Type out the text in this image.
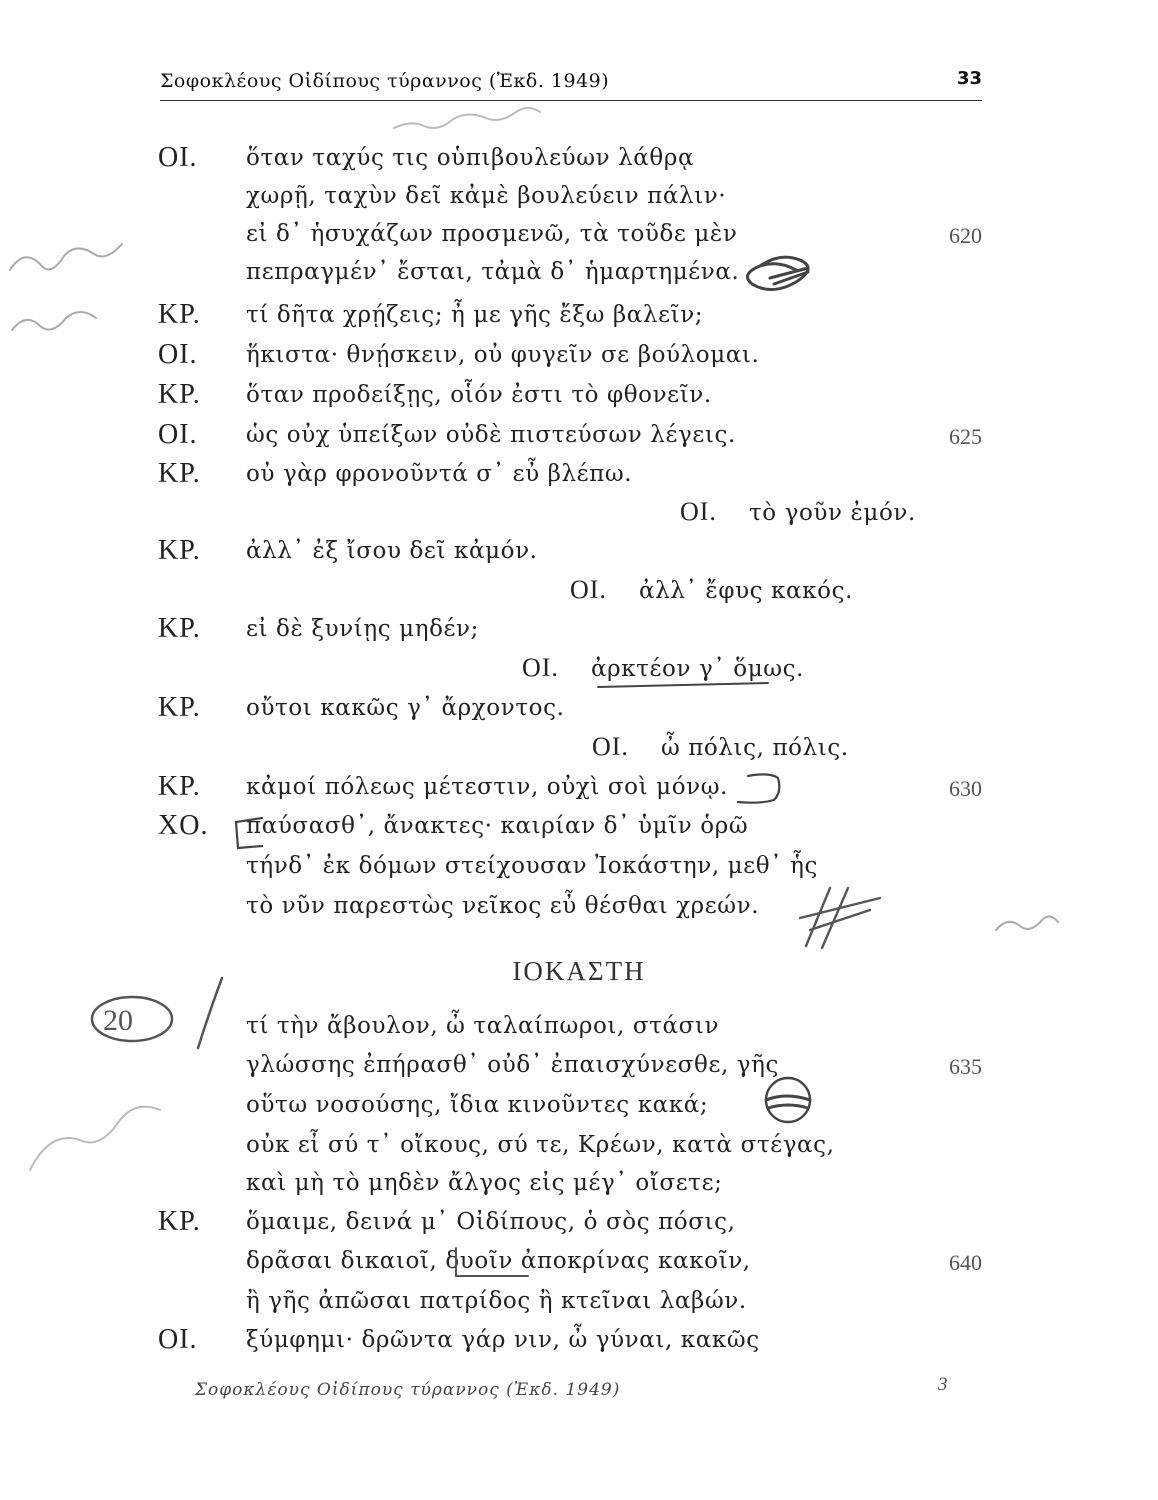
Σοφοκλέους Οἰδίπους τύραννος (Ἐκδ. 1949)	33
ΟΙ. ὅταν ταχύς τις οὑπιβουλεύων λάθρᾳ
χωρῇ, ταχὺν δεῖ κἀμὲ βουλεύειν πάλιν·
εἰ δ᾽ ἡσυχάζων προσμενῶ, τὰ τοῦδε μὲν	620
πεπραγμέν᾽ ἔσται, τἀμὰ δ᾽ ἡμαρτημένα.
ΚΡ. τί δῆτα χρῄζεις; ἦ με γῆς ἔξω βαλεῖν;
ΟΙ. ἥκιστα· θνῄσκειν, οὐ φυγεῖν σε βούλομαι.
ΚΡ. ὅταν προδείξῃς, οἷόν ἐστι τὸ φθονεῖν.
ΟΙ. ὡς οὐχ ὑπείξων οὐδὲ πιστεύσων λέγεις.	625
ΚΡ. οὐ γὰρ φρονοῦντά σ᾽ εὖ βλέπω.
ΟΙ. τὸ γοῦν ἐμόν.
ΚΡ. ἀλλ᾽ ἐξ ἴσου δεῖ κἀμόν.
ΟΙ. ἀλλ᾽ ἔφυς κακός.
ΚΡ. εἰ δὲ ξυνίῃς μηδέν;
ΟΙ. ἀρκτέον γ᾽ ὅμως.
ΚΡ. οὔτοι κακῶς γ᾽ ἄρχοντος.
ΟΙ. ὦ πόλις, πόλις.
ΚΡ. κἀμοί πόλεως μέτεστιν, οὐχὶ σοὶ μόνῳ.	630
ΧΟ. παύσασθ᾽, ἄνακτες· καιρίαν δ᾽ ὑμῖν ὁρῶ
τήνδ᾽ ἐκ δόμων στείχουσαν Ἰοκάστην, μεθ᾽ ἧς
τὸ νῦν παρεστὼς νεῖκος εὖ θέσθαι χρεών.
ΙΟΚΑΣΤΗ
τί τὴν ἄβουλον, ὦ ταλαίπωροι, στάσιν
γλώσσης ἐπήρασθ᾽ οὐδ᾽ ἐπαισχύνεσθε, γῆς	635
οὕτω νοσούσης, ἴδια κινοῦντες κακά;
οὐκ εἶ σύ τ᾽ οἴκους, σύ τε, Κρέων, κατὰ στέγας,
καὶ μὴ τὸ μηδὲν ἄλγος εἰς μέγ᾽ οἴσετε;
ΚΡ. ὅμαιμε, δεινά μ᾽ Οἰδίπους, ὁ σὸς πόσις,
δρᾶσαι δικαιοῖ, δυοῖν ἀποκρίνας κακοῖν,	640
ἢ γῆς ἀπῶσαι πατρίδος ἢ κτεῖναι λαβών.
ΟΙ. ξύμφημι· δρῶντα γάρ νιν, ὦ γύναι, κακῶς
Σοφοκλέους Οἰδίπους τύραννος (Ἐκδ. 1949)	3
20
